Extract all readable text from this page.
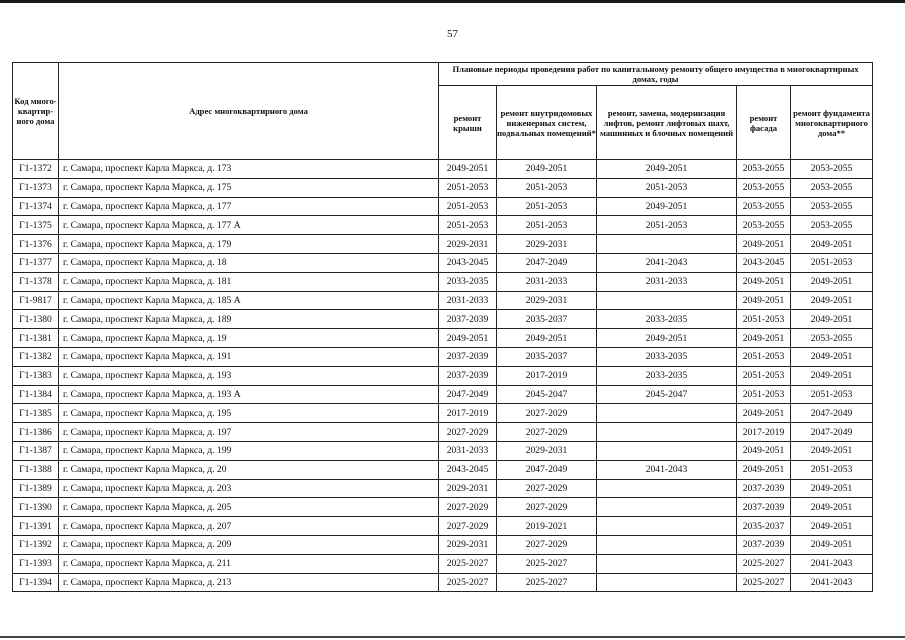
57
Код много-квартир-ного дома	Адрес многоквартирного дома	Плановые периоды проведения работ по капитальному ремонту общего имущества в многоквартирных домах, годы				
		ремонт крыши	ремонт внутридомовых инженерных систем, подвальных помещений*	ремонт, замена, модернизация лифтов, ремонт лифтовых шахт, машинных и блочных помещений	ремонт фасада	ремонт фундамента многоквартирного дома**
Г1-1372	г. Самара, проспект Карла Маркса, д. 173	2049-2051	2049-2051	2049-2051	2053-2055	2053-2055
Г1-1373	г. Самара, проспект Карла Маркса, д. 175	2051-2053	2051-2053	2051-2053	2053-2055	2053-2055
Г1-1374	г. Самара, проспект Карла Маркса, д. 177	2051-2053	2051-2053	2049-2051	2053-2055	2053-2055
Г1-1375	г. Самара, проспект Карла Маркса, д. 177 А	2051-2053	2051-2053	2051-2053	2053-2055	2053-2055
Г1-1376	г. Самара, проспект Карла Маркса, д. 179	2029-2031	2029-2031		2049-2051	2049-2051
Г1-1377	г. Самара, проспект Карла Маркса, д. 18	2043-2045	2047-2049	2041-2043	2043-2045	2051-2053
Г1-1378	г. Самара, проспект Карла Маркса, д. 181	2033-2035	2031-2033	2031-2033	2049-2051	2049-2051
Г1-9817	г. Самара, проспект Карла Маркса, д. 185 А	2031-2033	2029-2031		2049-2051	2049-2051
Г1-1380	г. Самара, проспект Карла Маркса, д. 189	2037-2039	2035-2037	2033-2035	2051-2053	2049-2051
Г1-1381	г. Самара, проспект Карла Маркса, д. 19	2049-2051	2049-2051	2049-2051	2049-2051	2053-2055
Г1-1382	г. Самара, проспект Карла Маркса, д. 191	2037-2039	2035-2037	2033-2035	2051-2053	2049-2051
Г1-1383	г. Самара, проспект Карла Маркса, д. 193	2037-2039	2017-2019	2033-2035	2051-2053	2049-2051
Г1-1384	г. Самара, проспект Карла Маркса, д. 193 А	2047-2049	2045-2047	2045-2047	2051-2053	2051-2053
Г1-1385	г. Самара, проспект Карла Маркса, д. 195	2017-2019	2027-2029		2049-2051	2047-2049
Г1-1386	г. Самара, проспект Карла Маркса, д. 197	2027-2029	2027-2029		2017-2019	2047-2049
Г1-1387	г. Самара, проспект Карла Маркса, д. 199	2031-2033	2029-2031		2049-2051	2049-2051
Г1-1388	г. Самара, проспект Карла Маркса, д. 20	2043-2045	2047-2049	2041-2043	2049-2051	2051-2053
Г1-1389	г. Самара, проспект Карла Маркса, д. 203	2029-2031	2027-2029		2037-2039	2049-2051
Г1-1390	г. Самара, проспект Карла Маркса, д. 205	2027-2029	2027-2029		2037-2039	2049-2051
Г1-1391	г. Самара, проспект Карла Маркса, д. 207	2027-2029	2019-2021		2035-2037	2049-2051
Г1-1392	г. Самара, проспект Карла Маркса, д. 209	2029-2031	2027-2029		2037-2039	2049-2051
Г1-1393	г. Самара, проспект Карла Маркса, д. 211	2025-2027	2025-2027		2025-2027	2041-2043
Г1-1394	г. Самара, проспект Карла Маркса, д. 213	2025-2027	2025-2027		2025-2027	2041-2043
